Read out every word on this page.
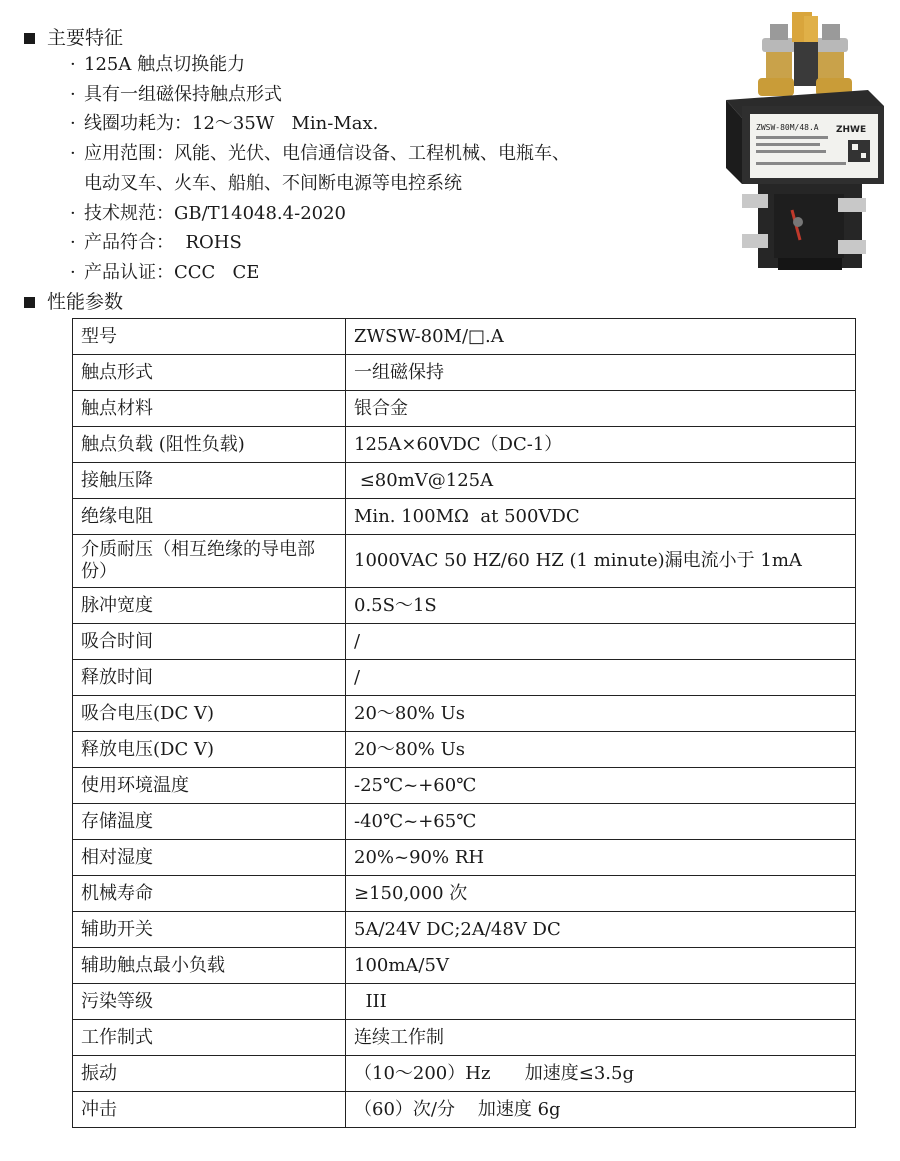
主要特征
· 125A 触点切换能力
· 具有一组磁保持触点形式
· 线圈功耗为：12～35W   Min-Max.
· 应用范围：风能、光伏、电信通信设备、工程机械、电瓶车、
电动叉车、火车、船舶、不间断电源等电控系统
· 技术规范：GB/T14048.4-2020
· 产品符合：  ROHS
· 产品认证：CCC   CE
ZWSW-80M/48.A ZHWE
性能参数
型号	ZWSW-80M/□.A
触点形式	一组磁保持
触点材料	银合金
触点负载 (阻性负载)	125A×60VDC（DC-1）
接触压降	≤80mV@125A
绝缘电阻	Min. 100MΩ  at 500VDC
介质耐压（相互绝缘的导电部份）	1000VAC 50 HZ/60 HZ (1 minute)漏电流小于 1mA
脉冲宽度	0.5S～1S
吸合时间	/
释放时间	/
吸合电压(DC V)	20～80% Us
释放电压(DC V)	20～80% Us
使用环境温度	-25℃~+60℃
存储温度	-40℃~+65℃
相对湿度	20%~90% RH
机械寿命	≥150,000 次
辅助开关	5A/24V DC;2A/48V DC
辅助触点最小负载	100mA/5V
污染等级	III
工作制式	连续工作制
振动	（10～200）Hz      加速度≤3.5g
冲击	（60）次/分    加速度 6g
